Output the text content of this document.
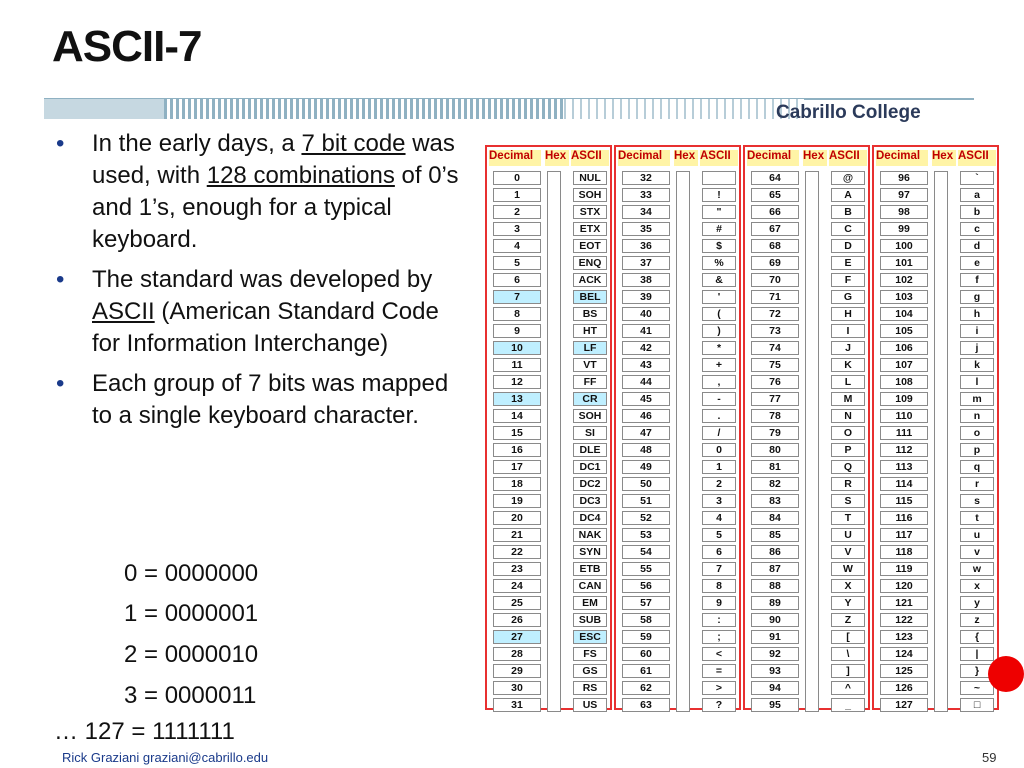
ASCII-7
Cabrillo College
• In the early days, a 7 bit code was used, with 128 combinations of 0’s and 1’s, enough for a typical keyboard.
• The standard was developed by ASCII (American Standard Code for Information Interchange)
• Each group of 7 bits was mapped to a single keyboard character.
0 = 0000000
1 = 0000001
2 = 0000010
3 = 0000011
… 127 = 1111111
Decimal	Hex ASCII
0	NUL
1	SOH
2	STX
3	ETX
4	EOT
5	ENQ
6	ACK
7	BEL
8	BS
9	HT
10	LF
11	VT
12	FF
13	CR
14	SOH
15	SI
16	DLE
17	DC1
18	DC2
19	DC3
20	DC4
21	NAK
22	SYN
23	ETB
24	CAN
25	EM
26	SUB
27	ESC
28	FS
29	GS
30	RS
31	US
Decimal	Hex ASCII
32
33	!
34	"
35	#
36	$
37	%
38	&
39	'
40	(
41	)
42	*
43	+
44	,
45	-
46	.
47	/
48	0
49	1
50	2
51	3
52	4
53	5
54	6
55	7
56	8
57	9
58	:
59	;
60	<
61	=
62	>
63	?
Decimal	Hex ASCII
64	@
65	A
66	B
67	C
68	D
69	E
70	F
71	G
72	H
73	I
74	J
75	K
76	L
77	M
78	N
79	O
80	P
81	Q
82	R
83	S
84	T
85	U
86	V
87	W
88	X
89	Y
90	Z
91	[
92	\
93	]
94	^
95	_
Decimal	Hex ASCII
96	`
97	a
98	b
99	c
100	d
101	e
102	f
103	g
104	h
105	i
106	j
107	k
108	l
109	m
110	n
111	o
112	p
113	q
114	r
115	s
116	t
117	u
118	v
119	w
120	x
121	y
122	z
123	{
124	|
125	}
126	~
127	□
Rick Graziani graziani@cabrillo.edu	59
